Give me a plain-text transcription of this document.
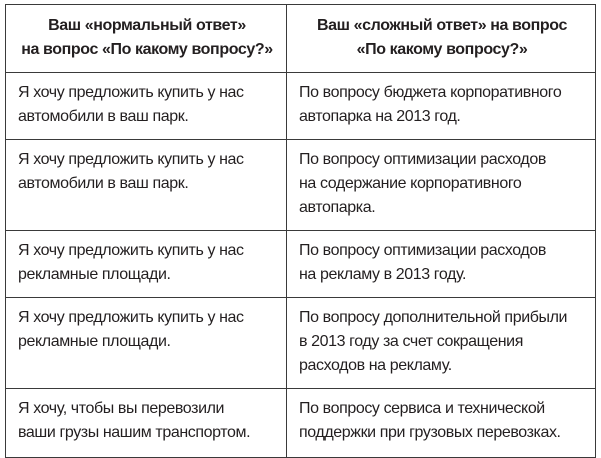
Ваш «нормальный ответ»
на вопрос «По какому вопросу?»	Ваш «сложный ответ» на вопрос
«По какому вопросу?»

Я хочу предложить купить у нас
автомобили в ваш парк.	По вопросу бюджета корпоративного
автопарка на 2013 год.

Я хочу предложить купить у нас
автомобили в ваш парк.	По вопросу оптимизации расходов
на содержание корпоративного
автопарка.

Я хочу предложить купить у нас
рекламные площади.	По вопросу оптимизации расходов
на рекламу в 2013 году.

Я хочу предложить купить у нас
рекламные площади.	По вопросу дополнительной прибыли
в 2013 году за счет сокращения
расходов на рекламу.

Я хочу, чтобы вы перевозили
ваши грузы нашим транспортом.	По вопросу сервиса и технической
поддержки при грузовых перевозках.
